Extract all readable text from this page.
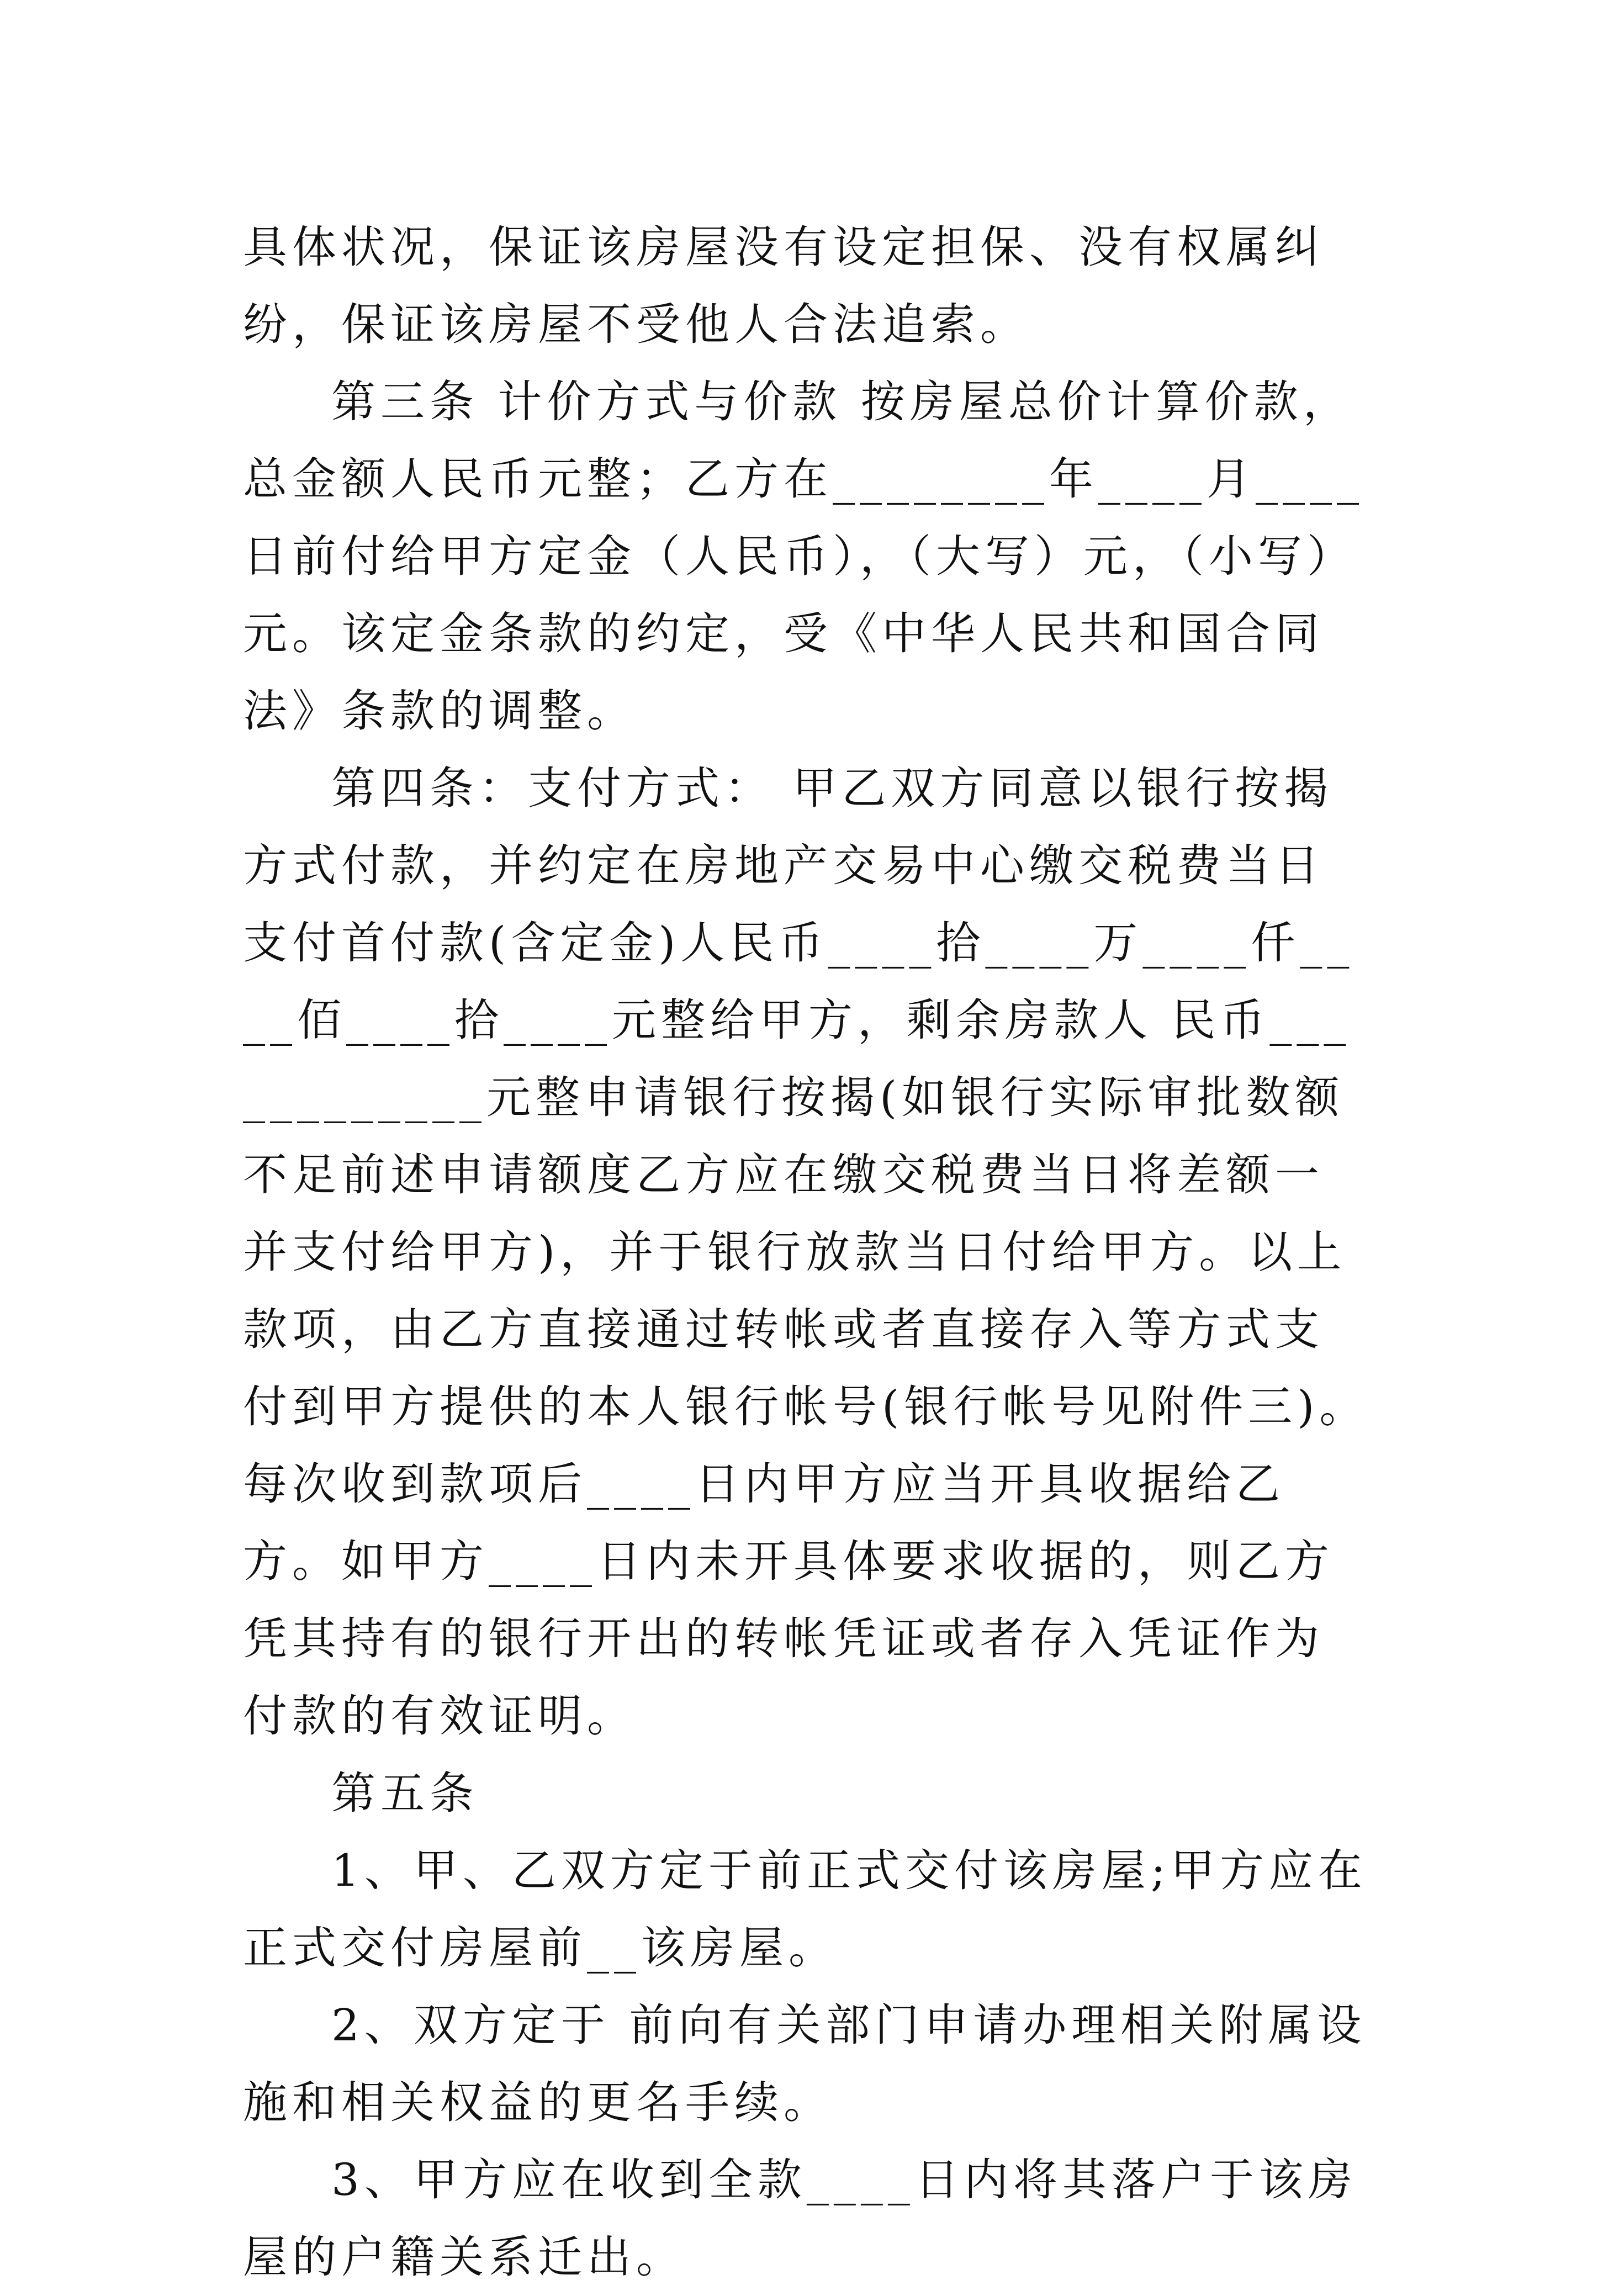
具体状况，保证该房屋没有设定担保、没有权属纠纷，保证该房屋不受他人合法追索。

第三条 计价方式与价款 按房屋总价计算价款，总金额人民币元整；乙方在________年____月____日前付给甲方定金（人民币），（大写）元，（小写）元。该定金条款的约定，受《中华人民共和国合同法》条款的调整。

第四条：支付方式： 甲乙双方同意以银行按揭方式付款，并约定在房地产交易中心缴交税费当日支付首付款(含定金)人民币____拾____万____仟____佰____拾____元整给甲方，剩余房款人 民币____________元整申请银行按揭(如银行实际审批数额不足前述申请额度乙方应在缴交税费当日将差额一并支付给甲方)，并于银行放款当日付给甲方。以上款项，由乙方直接通过转帐或者直接存入等方式支付到甲方提供的本人银行帐号(银行帐号见附件三)。每次收到款项后____日内甲方应当开具收据给乙方。如甲方____日内未开具体要求收据的，则乙方凭其持有的银行开出的转帐凭证或者存入凭证作为付款的有效证明。

第五条

1、甲、乙双方定于前正式交付该房屋;甲方应在正式交付房屋前__该房屋。

2、双方定于 前向有关部门申请办理相关附属设施和相关权益的更名手续。

3、甲方应在收到全款____日内将其落户于该房屋的户籍关系迁出。
